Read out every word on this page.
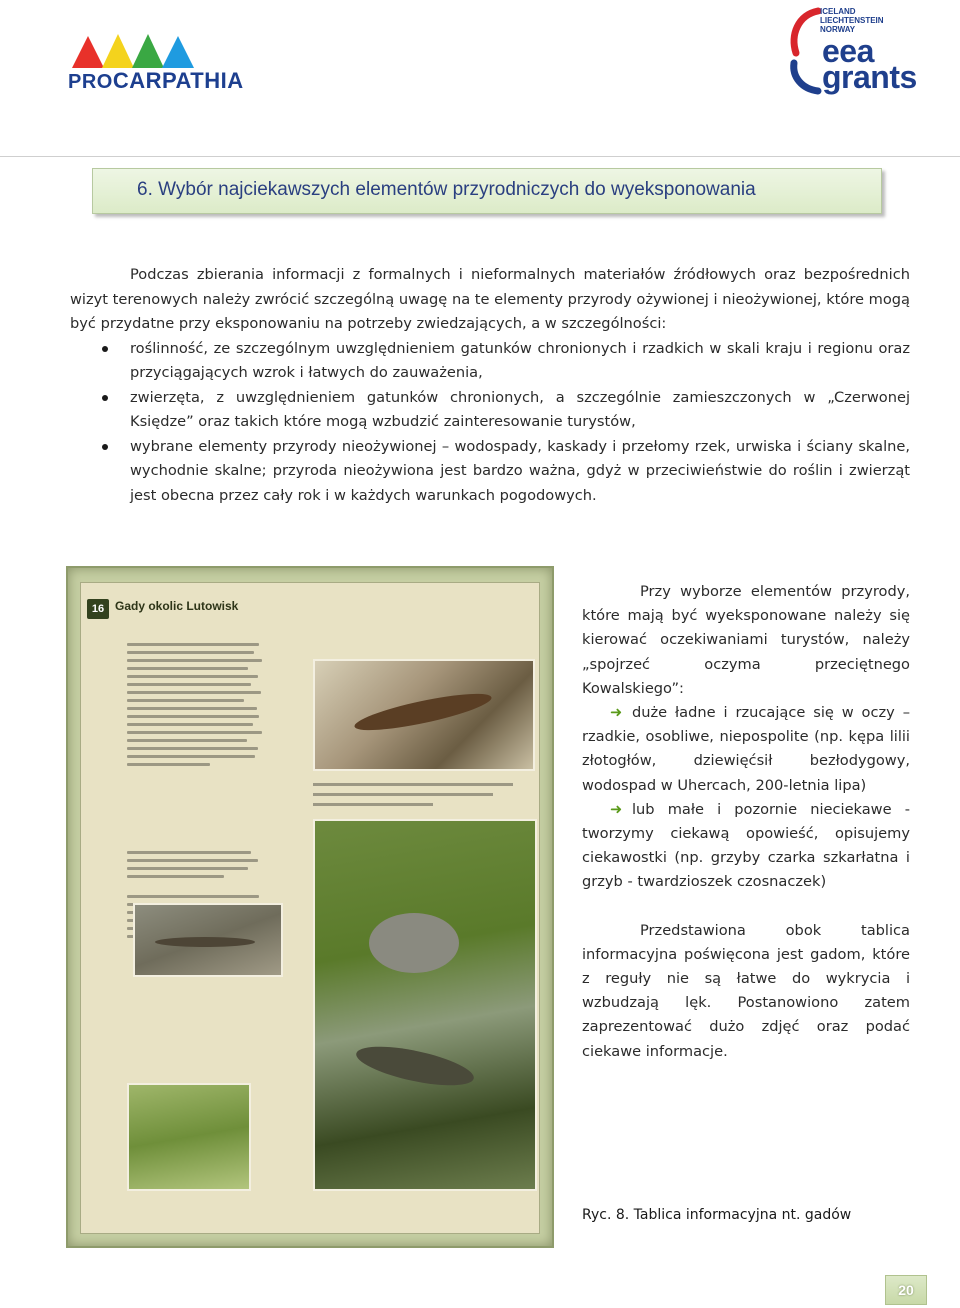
PROCARPATHIA
ICELAND
LIECHTENSTEIN
NORWAY
eea
grants
6. Wybór najciekawszych elementów przyrodniczych do wyeksponowania

Podczas zbierania informacji z formalnych i nieformalnych materiałów źródłowych oraz bezpośrednich wizyt terenowych należy zwrócić szczególną uwagę na te elementy przyrody ożywionej i nieożywionej, które mogą być przydatne przy eksponowaniu na potrzeby zwiedzających, a w szczególności:

roślinność, ze szczególnym uwzględnieniem gatunków chronionych i rzadkich w skali kraju i regionu oraz przyciągających wzrok i łatwych do zauważenia,
zwierzęta, z uwzględnieniem gatunków chronionych, a szczególnie zamieszczonych w „Czerwonej Księdze” oraz takich które mogą wzbudzić zainteresowanie turystów,
wybrane elementy przyrody nieożywionej – wodospady, kaskady i przełomy rzek, urwiska i ściany skalne, wychodnie skalne; przyroda nieożywiona jest bardzo ważna, gdyż w przeciwieństwie do roślin i zwierząt jest obecna przez cały rok i w każdych warunkach pogodowych.
16 Gady okolic Lutowisk

Przy wyborze elementów przyrody, które mają być wyeksponowane należy się kierować oczekiwaniami turystów, należy „spojrzeć oczyma przeciętnego Kowalskiego”:

➜ duże ładne i rzucające się w oczy – rzadkie, osobliwe, niepospolite (np. kępa lilii złotogłów, dziewięćsił bezłodygowy, wodospad w Uhercach, 200-letnia lipa)

➜ lub małe i pozornie nieciekawe - tworzymy ciekawą opowieść, opisujemy ciekawostki (np. grzyby czarka szkarłatna i grzyb - twardzioszek czosnaczek)

Przedstawiona obok tablica informacyjna poświęcona jest gadom, które z reguły nie są łatwe do wykrycia i wzbudzają lęk. Postanowiono zatem zaprezentować dużo zdjęć oraz podać ciekawe informacje.

Ryc. 8. Tablica informacyjna nt. gadów
20
